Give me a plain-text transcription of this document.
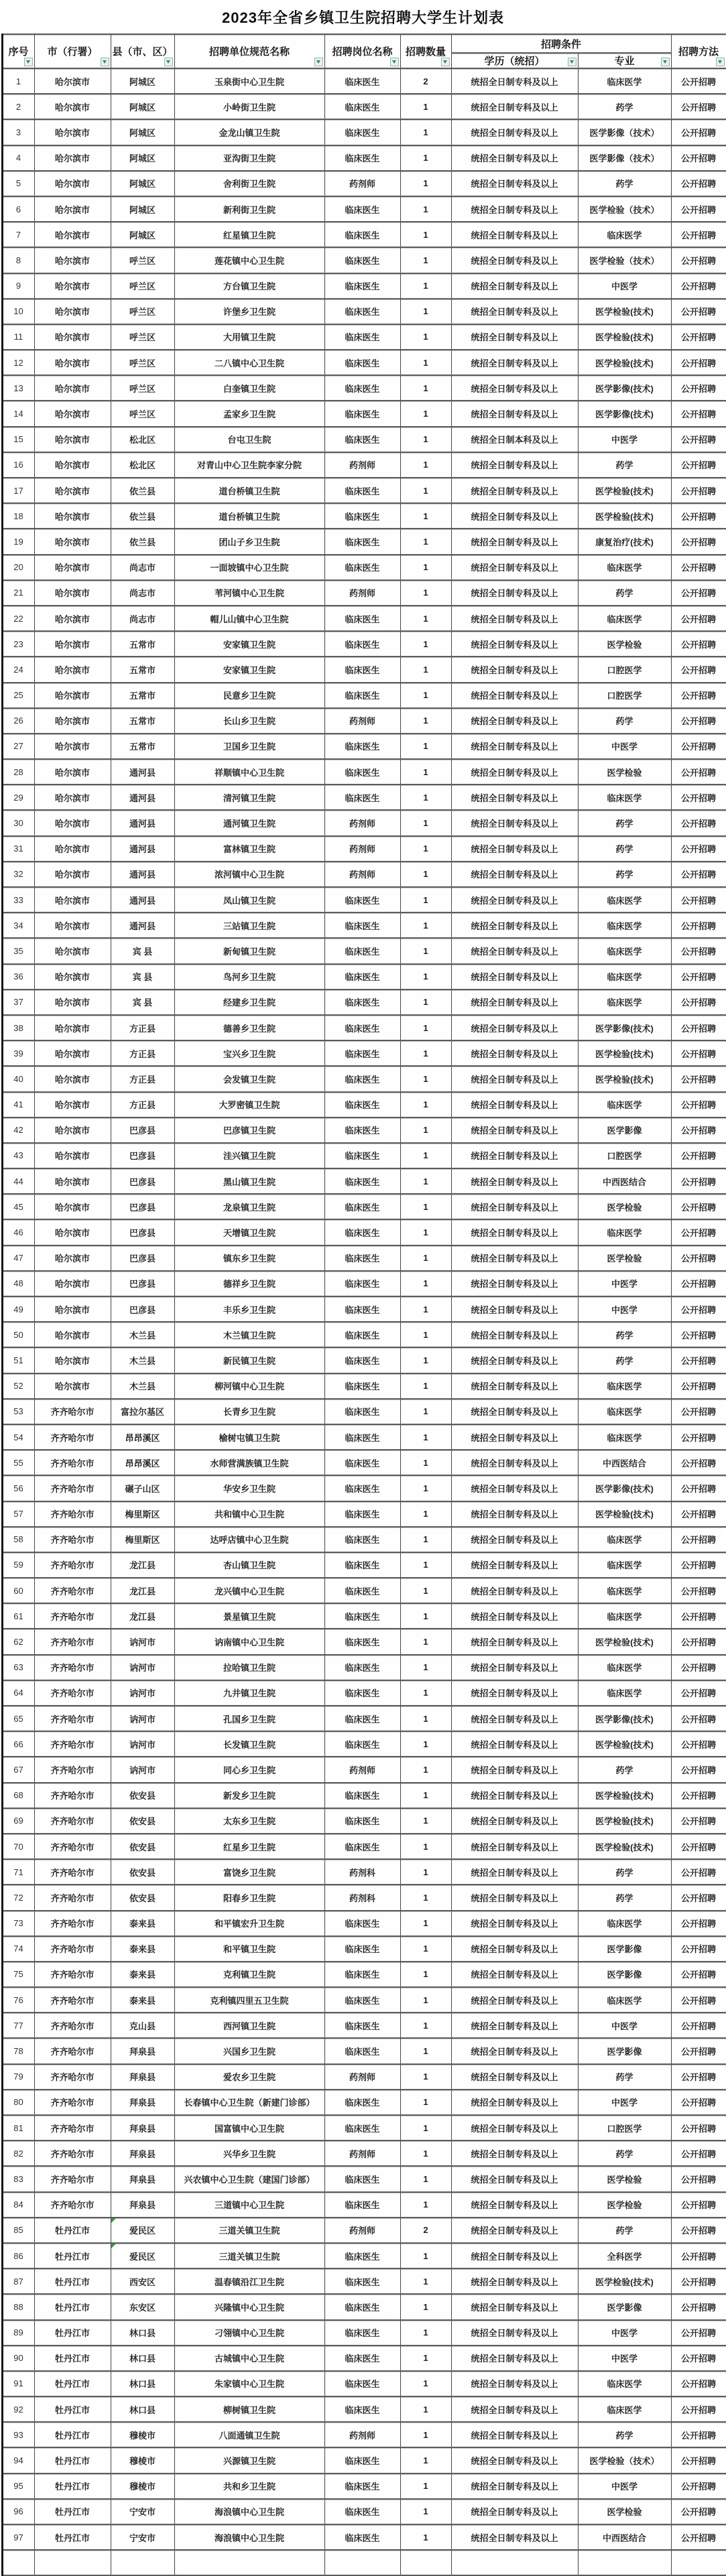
2023年全省乡镇卫生院招聘大学生计划表
序号	市（行署）	县（市、区）	招聘单位规范名称	招聘岗位名称	招聘数量	招聘条件		招聘方法

						学历（统招）	专业	

1	哈尔滨市	阿城区	玉泉街中心卫生院	临床医生	2	统招全日制专科及以上	临床医学	公开招聘
2	哈尔滨市	阿城区	小岭街卫生院	临床医生	1	统招全日制专科及以上	药学	公开招聘
3	哈尔滨市	阿城区	金龙山镇卫生院	临床医生	1	统招全日制专科及以上	医学影像（技术）	公开招聘
4	哈尔滨市	阿城区	亚沟街卫生院	临床医生	1	统招全日制专科及以上	医学影像（技术）	公开招聘
5	哈尔滨市	阿城区	舍利街卫生院	药剂师	1	统招全日制专科及以上	药学	公开招聘
6	哈尔滨市	阿城区	新利街卫生院	临床医生	1	统招全日制专科及以上	医学检验（技术）	公开招聘
7	哈尔滨市	阿城区	红星镇卫生院	临床医生	1	统招全日制专科及以上	临床医学	公开招聘
8	哈尔滨市	呼兰区	莲花镇中心卫生院	临床医生	1	统招全日制专科及以上	医学检验（技术）	公开招聘
9	哈尔滨市	呼兰区	方台镇卫生院	临床医生	1	统招全日制专科及以上	中医学	公开招聘
10	哈尔滨市	呼兰区	许堡乡卫生院	临床医生	1	统招全日制专科及以上	医学检验(技术)	公开招聘
11	哈尔滨市	呼兰区	大用镇卫生院	临床医生	1	统招全日制专科及以上	医学检验(技术)	公开招聘
12	哈尔滨市	呼兰区	二八镇中心卫生院	临床医生	1	统招全日制专科及以上	医学检验(技术)	公开招聘
13	哈尔滨市	呼兰区	白奎镇卫生院	临床医生	1	统招全日制专科及以上	医学影像(技术)	公开招聘
14	哈尔滨市	呼兰区	孟家乡卫生院	临床医生	1	统招全日制专科及以上	医学影像(技术)	公开招聘
15	哈尔滨市	松北区	台屯卫生院	临床医生	1	统招全日制本科及以上	中医学	公开招聘
16	哈尔滨市	松北区	对青山中心卫生院李家分院	药剂师	1	统招全日制专科及以上	药学	公开招聘
17	哈尔滨市	依兰县	道台桥镇卫生院	临床医生	1	统招全日制专科及以上	医学检验(技术)	公开招聘
18	哈尔滨市	依兰县	道台桥镇卫生院	临床医生	1	统招全日制专科及以上	医学检验(技术)	公开招聘
19	哈尔滨市	依兰县	团山子乡卫生院	临床医生	1	统招全日制专科及以上	康复治疗(技术)	公开招聘
20	哈尔滨市	尚志市	一面坡镇中心卫生院	临床医生	1	统招全日制专科及以上	临床医学	公开招聘
21	哈尔滨市	尚志市	苇河镇中心卫生院	药剂师	1	统招全日制专科及以上	药学	公开招聘
22	哈尔滨市	尚志市	帽儿山镇中心卫生院	临床医生	1	统招全日制专科及以上	临床医学	公开招聘
23	哈尔滨市	五常市	安家镇卫生院	临床医生	1	统招全日制专科及以上	医学检验	公开招聘
24	哈尔滨市	五常市	安家镇卫生院	临床医生	1	统招全日制专科及以上	口腔医学	公开招聘
25	哈尔滨市	五常市	民意乡卫生院	临床医生	1	统招全日制专科及以上	口腔医学	公开招聘
26	哈尔滨市	五常市	长山乡卫生院	药剂师	1	统招全日制专科及以上	药学	公开招聘
27	哈尔滨市	五常市	卫国乡卫生院	临床医生	1	统招全日制专科及以上	中医学	公开招聘
28	哈尔滨市	通河县	祥顺镇中心卫生院	临床医生	1	统招全日制专科及以上	医学检验	公开招聘
29	哈尔滨市	通河县	清河镇卫生院	临床医生	1	统招全日制专科及以上	临床医学	公开招聘
30	哈尔滨市	通河县	通河镇卫生院	药剂师	1	统招全日制专科及以上	药学	公开招聘
31	哈尔滨市	通河县	富林镇卫生院	药剂师	1	统招全日制专科及以上	药学	公开招聘
32	哈尔滨市	通河县	浓河镇中心卫生院	药剂师	1	统招全日制专科及以上	药学	公开招聘
33	哈尔滨市	通河县	凤山镇卫生院	临床医生	1	统招全日制专科及以上	临床医学	公开招聘
34	哈尔滨市	通河县	三站镇卫生院	临床医生	1	统招全日制专科及以上	临床医学	公开招聘
35	哈尔滨市	宾 县	新甸镇卫生院	临床医生	1	统招全日制专科及以上	临床医学	公开招聘
36	哈尔滨市	宾 县	鸟河乡卫生院	临床医生	1	统招全日制专科及以上	临床医学	公开招聘
37	哈尔滨市	宾 县	经建乡卫生院	临床医生	1	统招全日制专科及以上	临床医学	公开招聘
38	哈尔滨市	方正县	德善乡卫生院	临床医生	1	统招全日制专科及以上	医学影像(技术)	公开招聘
39	哈尔滨市	方正县	宝兴乡卫生院	临床医生	1	统招全日制专科及以上	医学检验(技术)	公开招聘
40	哈尔滨市	方正县	会发镇卫生院	临床医生	1	统招全日制专科及以上	医学检验(技术)	公开招聘
41	哈尔滨市	方正县	大罗密镇卫生院	临床医生	1	统招全日制专科及以上	临床医学	公开招聘
42	哈尔滨市	巴彦县	巴彦镇卫生院	临床医生	1	统招全日制专科及以上	医学影像	公开招聘
43	哈尔滨市	巴彦县	洼兴镇卫生院	临床医生	1	统招全日制专科及以上	口腔医学	公开招聘
44	哈尔滨市	巴彦县	黑山镇卫生院	临床医生	1	统招全日制专科及以上	中西医结合	公开招聘
45	哈尔滨市	巴彦县	龙泉镇卫生院	临床医生	1	统招全日制专科及以上	医学检验	公开招聘
46	哈尔滨市	巴彦县	天增镇卫生院	临床医生	1	统招全日制专科及以上	临床医学	公开招聘
47	哈尔滨市	巴彦县	镇东乡卫生院	临床医生	1	统招全日制专科及以上	医学检验	公开招聘
48	哈尔滨市	巴彦县	德祥乡卫生院	临床医生	1	统招全日制专科及以上	中医学	公开招聘
49	哈尔滨市	巴彦县	丰乐乡卫生院	临床医生	1	统招全日制专科及以上	中医学	公开招聘
50	哈尔滨市	木兰县	木兰镇卫生院	临床医生	1	统招全日制专科及以上	药学	公开招聘
51	哈尔滨市	木兰县	新民镇卫生院	临床医生	1	统招全日制专科及以上	药学	公开招聘
52	哈尔滨市	木兰县	柳河镇中心卫生院	临床医生	1	统招全日制专科及以上	临床医学	公开招聘
53	齐齐哈尔市	富拉尔基区	长青乡卫生院	临床医生	1	统招全日制专科及以上	临床医学	公开招聘
54	齐齐哈尔市	昂昂溪区	榆树屯镇卫生院	临床医生	1	统招全日制专科及以上	临床医学	公开招聘
55	齐齐哈尔市	昂昂溪区	水师营满族镇卫生院	临床医生	1	统招全日制专科及以上	中西医结合	公开招聘
56	齐齐哈尔市	碾子山区	华安乡卫生院	临床医生	1	统招全日制专科及以上	医学影像(技术)	公开招聘
57	齐齐哈尔市	梅里斯区	共和镇中心卫生院	临床医生	1	统招全日制专科及以上	医学检验(技术)	公开招聘
58	齐齐哈尔市	梅里斯区	达呼店镇中心卫生院	临床医生	1	统招全日制专科及以上	临床医学	公开招聘
59	齐齐哈尔市	龙江县	杏山镇卫生院	临床医生	1	统招全日制专科及以上	临床医学	公开招聘
60	齐齐哈尔市	龙江县	龙兴镇中心卫生院	临床医生	1	统招全日制专科及以上	临床医学	公开招聘
61	齐齐哈尔市	龙江县	景星镇卫生院	临床医生	1	统招全日制专科及以上	临床医学	公开招聘
62	齐齐哈尔市	讷河市	讷南镇中心卫生院	临床医生	1	统招全日制专科及以上	医学检验(技术)	公开招聘
63	齐齐哈尔市	讷河市	拉哈镇卫生院	临床医生	1	统招全日制专科及以上	临床医学	公开招聘
64	齐齐哈尔市	讷河市	九井镇卫生院	临床医生	1	统招全日制专科及以上	临床医学	公开招聘
65	齐齐哈尔市	讷河市	孔国乡卫生院	临床医生	1	统招全日制专科及以上	医学影像(技术)	公开招聘
66	齐齐哈尔市	讷河市	长发镇卫生院	临床医生	1	统招全日制专科及以上	医学检验(技术)	公开招聘
67	齐齐哈尔市	讷河市	同心乡卫生院	药剂师	1	统招全日制专科及以上	药学	公开招聘
68	齐齐哈尔市	依安县	新发乡卫生院	临床医生	1	统招全日制专科及以上	医学检验(技术)	公开招聘
69	齐齐哈尔市	依安县	太东乡卫生院	临床医生	1	统招全日制专科及以上	医学检验(技术)	公开招聘
70	齐齐哈尔市	依安县	红星乡卫生院	临床医生	1	统招全日制专科及以上	医学检验(技术)	公开招聘
71	齐齐哈尔市	依安县	富饶乡卫生院	药剂科	1	统招全日制专科及以上	药学	公开招聘
72	齐齐哈尔市	依安县	阳春乡卫生院	药剂科	1	统招全日制专科及以上	药学	公开招聘
73	齐齐哈尔市	泰来县	和平镇宏升卫生院	临床医生	1	统招全日制专科及以上	临床医学	公开招聘
74	齐齐哈尔市	泰来县	和平镇卫生院	临床医生	1	统招全日制专科及以上	医学影像	公开招聘
75	齐齐哈尔市	泰来县	克利镇卫生院	临床医生	1	统招全日制专科及以上	医学影像	公开招聘
76	齐齐哈尔市	泰来县	克利镇四里五卫生院	临床医生	1	统招全日制专科及以上	临床医学	公开招聘
77	齐齐哈尔市	克山县	西河镇卫生院	临床医生	1	统招全日制专科及以上	中医学	公开招聘
78	齐齐哈尔市	拜泉县	兴国乡卫生院	临床医生	1	统招全日制专科及以上	医学影像	公开招聘
79	齐齐哈尔市	拜泉县	爱农乡卫生院	药剂师	1	统招全日制专科及以上	药学	公开招聘
80	齐齐哈尔市	拜泉县	长春镇中心卫生院（新建门诊部）	临床医生	1	统招全日制专科及以上	中医学	公开招聘
81	齐齐哈尔市	拜泉县	国富镇中心卫生院	临床医生	1	统招全日制专科及以上	口腔医学	公开招聘
82	齐齐哈尔市	拜泉县	兴华乡卫生院	药剂师	1	统招全日制专科及以上	药学	公开招聘
83	齐齐哈尔市	拜泉县	兴农镇中心卫生院（建国门诊部）	临床医生	1	统招全日制专科及以上	医学检验	公开招聘
84	齐齐哈尔市	拜泉县	三道镇中心卫生院	临床医生	1	统招全日制专科及以上	医学检验	公开招聘
85	牡丹江市	爱民区	三道关镇卫生院	药剂师	2	统招全日制专科及以上	药学	公开招聘
86	牡丹江市	爱民区	三道关镇卫生院	临床医生	1	统招全日制专科及以上	全科医学	公开招聘
87	牡丹江市	西安区	温春镇沿江卫生院	临床医生	1	统招全日制专科及以上	医学检验(技术)	公开招聘
88	牡丹江市	东安区	兴隆镇中心卫生院	临床医生	1	统招全日制专科及以上	医学影像	公开招聘
89	牡丹江市	林口县	刁翎镇中心卫生院	临床医生	1	统招全日制专科及以上	中医学	公开招聘
90	牡丹江市	林口县	古城镇中心卫生院	临床医生	1	统招全日制专科及以上	中医学	公开招聘
91	牡丹江市	林口县	朱家镇中心卫生院	临床医生	1	统招全日制专科及以上	临床医学	公开招聘
92	牡丹江市	林口县	柳树镇卫生院	临床医生	1	统招全日制专科及以上	临床医学	公开招聘
93	牡丹江市	穆棱市	八面通镇卫生院	药剂师	1	统招全日制专科及以上	药学	公开招聘
94	牡丹江市	穆棱市	兴源镇卫生院	临床医生	1	统招全日制专科及以上	医学检验（技术）	公开招聘
95	牡丹江市	穆棱市	共和乡卫生院	临床医生	1	统招全日制专科及以上	中医学	公开招聘
96	牡丹江市	宁安市	海浪镇中心卫生院	临床医生	1	统招全日制专科及以上	医学检验	公开招聘
97	牡丹江市	宁安市	海浪镇中心卫生院	临床医生	1	统招全日制专科及以上	中西医结合	公开招聘
